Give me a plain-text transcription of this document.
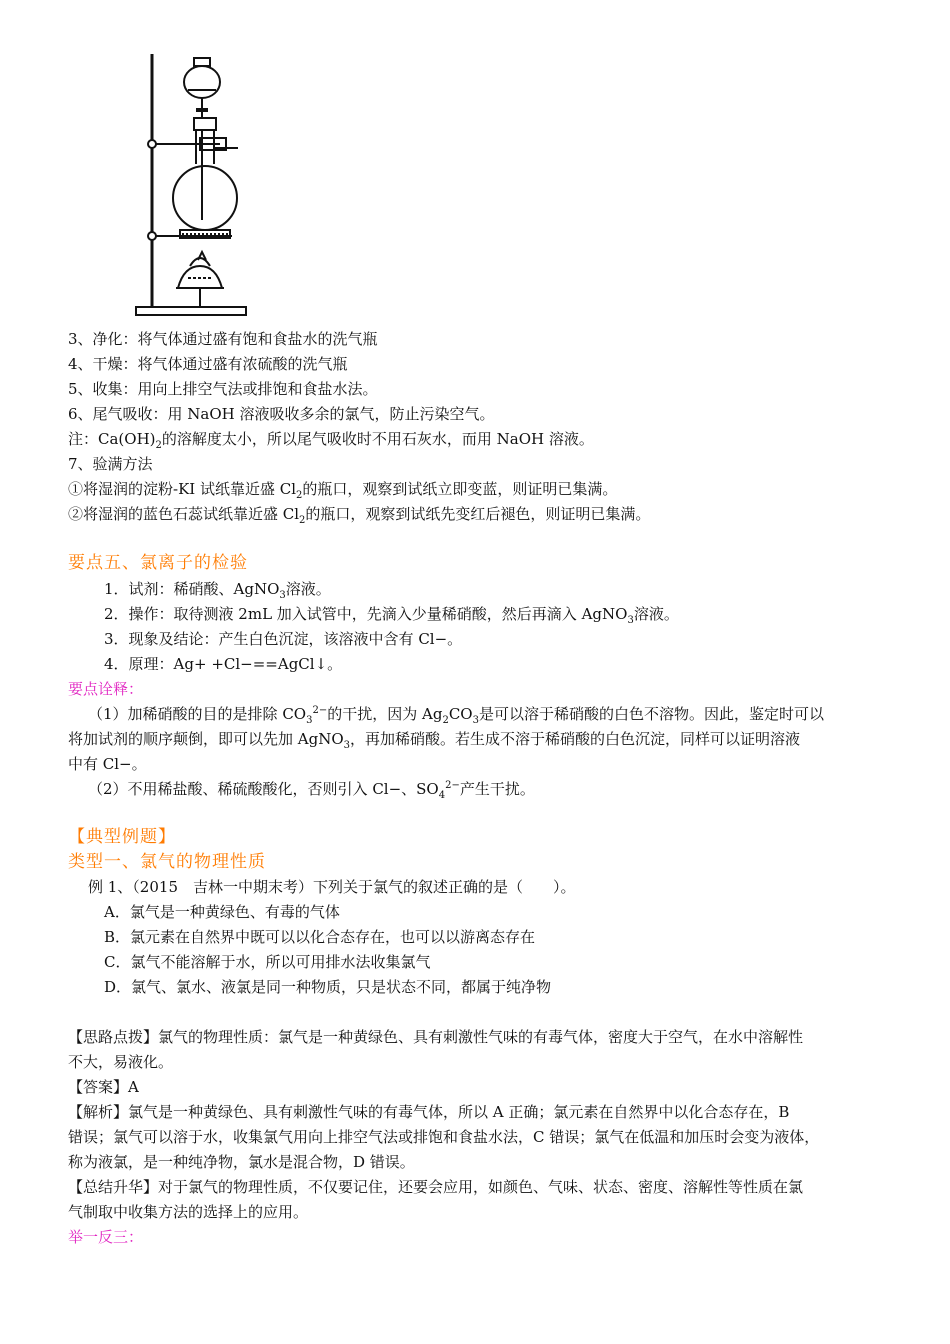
3、净化：将气体通过盛有饱和食盐水的洗气瓶
4、干燥：将气体通过盛有浓硫酸的洗气瓶
5、收集：用向上排空气法或排饱和食盐水法。
6、尾气吸收：用 NaOH 溶液吸收多余的氯气，防止污染空气。
注：$Ca(OH)_2$的溶解度太小，所以尾气吸收时不用石灰水，而用 NaOH 溶液。
7、验满方法
①将湿润的淀粉-KI 试纸靠近盛 $Cl_2$的瓶口，观察到试纸立即变蓝，则证明已集满。
②将湿润的蓝色石蕊试纸靠近盛 $Cl_2$的瓶口，观察到试纸先变红后褪色，则证明已集满。
要点五、氯离子的检验
1．试剂：稀硝酸、AgNO$_3$溶液。
2．操作：取待测液 2mL 加入试管中，先滴入少量稀硝酸，然后再滴入 AgNO$_3$溶液。
3．现象及结论：产生白色沉淀，该溶液中含有 Cl−。
4．原理：Ag+ +Cl−==AgCl↓。
要点诠释：
（1）加稀硝酸的目的是排除 $CO_3^{2-}$的干扰，因为 $Ag_2CO_3$是可以溶于稀硝酸的白色不溶物。因此，鉴定时可以
将加试剂的顺序颠倒，即可以先加 AgNO$_3$，再加稀硝酸。若生成不溶于稀硝酸的白色沉淀，同样可以证明溶液
中有 Cl−。
（2）不用稀盐酸、稀硫酸酸化，否则引入 Cl−、$SO_4^{2-}$产生干扰。
【典型例题】
类型一、氯气的物理性质
例 1、（2015　吉林一中期末考）下列关于氯气的叙述正确的是（　　）。
A．氯气是一种黄绿色、有毒的气体
B．氯元素在自然界中既可以以化合态存在，也可以以游离态存在
C．氯气不能溶解于水，所以可用排水法收集氯气
D．氯气、氯水、液氯是同一种物质，只是状态不同，都属于纯净物
【思路点拨】氯气的物理性质：氯气是一种黄绿色、具有刺激性气味的有毒气体，密度大于空气，在水中溶解性
不大，易液化。
【答案】A
【解析】氯气是一种黄绿色、具有刺激性气味的有毒气体，所以 A 正确；氯元素在自然界中以化合态存在，B
错误；氯气可以溶于水，收集氯气用向上排空气法或排饱和食盐水法，C 错误；氯气在低温和加压时会变为液体，
称为液氯，是一种纯净物，氯水是混合物，D 错误。
【总结升华】对于氯气的物理性质，不仅要记住，还要会应用，如颜色、气味、状态、密度、溶解性等性质在氯
气制取中收集方法的选择上的应用。
举一反三：
